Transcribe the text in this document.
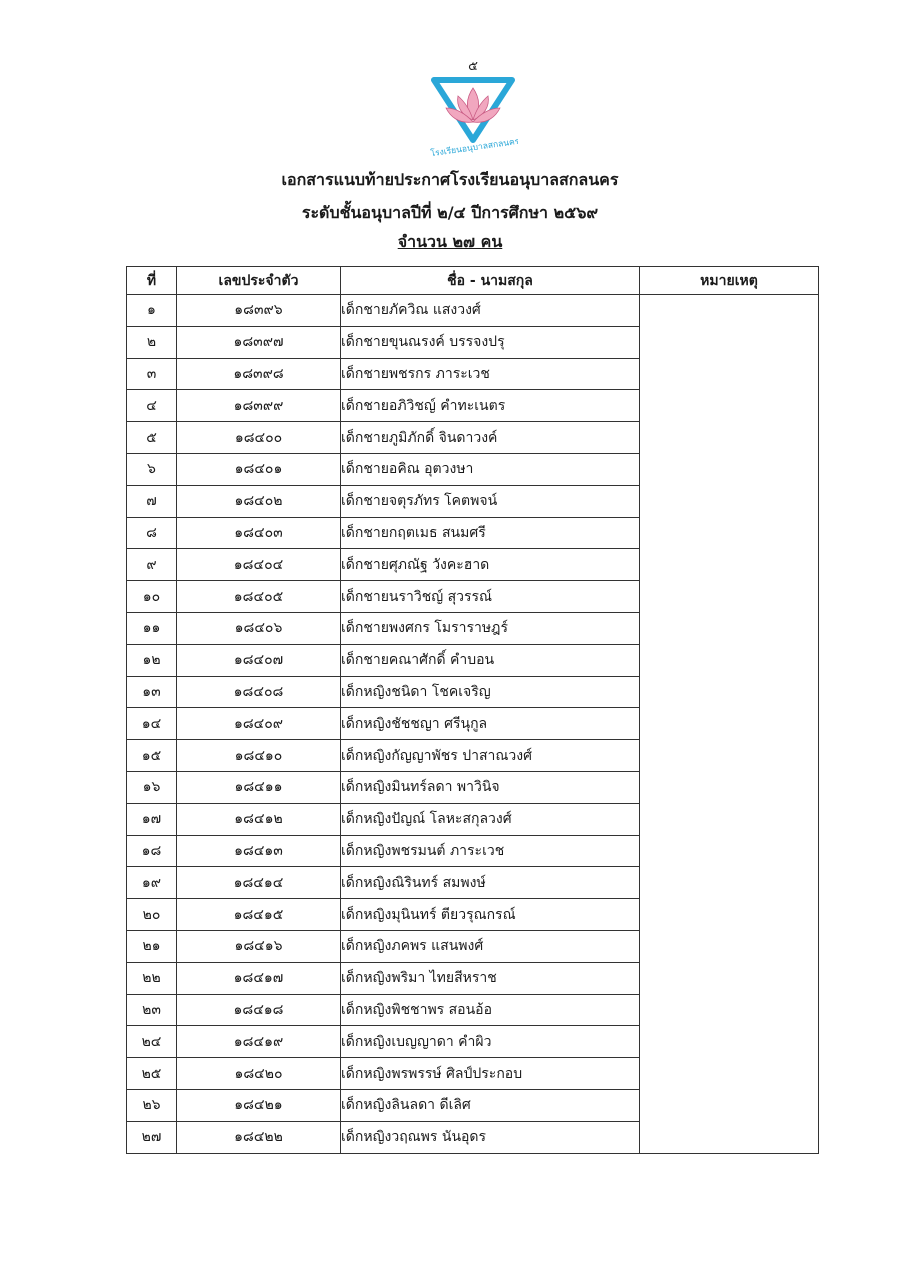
๕
โรงเรียนอนุบาลสกลนคร
เอกสารแนบท้ายประกาศโรงเรียนอนุบาลสกลนคร
ระดับชั้นอนุบาลปีที่ ๒/๔ ปีการศึกษา ๒๕๖๙
จำนวน ๒๗ คน
ที่	เลขประจำตัว	ชื่อ - นามสกุล	หมายเหตุ
๑	๑๘๓๙๖	เด็กชายภัควิณ แสงวงศ์	
๒	๑๘๓๙๗	เด็กชายขุนณรงค์ บรรจงปรุ	
๓	๑๘๓๙๘	เด็กชายพชรกร ภาระเวช	
๔	๑๘๓๙๙	เด็กชายอภิวิชญ์ คำทะเนตร	
๕	๑๘๔๐๐	เด็กชายภูมิภักดิ์ จินดาวงค์	
๖	๑๘๔๐๑	เด็กชายอคิณ อุตวงษา	
๗	๑๘๔๐๒	เด็กชายจตุรภัทร โคตพจน์	
๘	๑๘๔๐๓	เด็กชายกฤตเมธ สนมศรี	
๙	๑๘๔๐๔	เด็กชายศุภณัฐ วังคะฮาด	
๑๐	๑๘๔๐๕	เด็กชายนราวิชญ์ สุวรรณ์	
๑๑	๑๘๔๐๖	เด็กชายพงศกร โมราราษฎร์	
๑๒	๑๘๔๐๗	เด็กชายคณาศักดิ์ คำบอน	
๑๓	๑๘๔๐๘	เด็กหญิงชนิดา โชคเจริญ	
๑๔	๑๘๔๐๙	เด็กหญิงชัชชญา ศรีนุกูล	
๑๕	๑๘๔๑๐	เด็กหญิงกัญญาพัชร ปาสาณวงศ์	
๑๖	๑๘๔๑๑	เด็กหญิงมินทร์ลดา พาวินิจ	
๑๗	๑๘๔๑๒	เด็กหญิงปัญณ์ โลหะสกุลวงศ์	
๑๘	๑๘๔๑๓	เด็กหญิงพชรมนต์ ภาระเวช	
๑๙	๑๘๔๑๔	เด็กหญิงณิรินทร์ สมพงษ์	
๒๐	๑๘๔๑๕	เด็กหญิงมุนินทร์ ตียวรุณกรณ์	
๒๑	๑๘๔๑๖	เด็กหญิงภคพร แสนพงศ์	
๒๒	๑๘๔๑๗	เด็กหญิงพริมา ไทยสีหราช	
๒๓	๑๘๔๑๘	เด็กหญิงพิชชาพร สอนอ้อ	
๒๔	๑๘๔๑๙	เด็กหญิงเบญญาดา คำผิว	
๒๕	๑๘๔๒๐	เด็กหญิงพรพรรษ์ ศิลป์ประกอบ	
๒๖	๑๘๔๒๑	เด็กหญิงลินลดา ดีเลิศ	
๒๗	๑๘๔๒๒	เด็กหญิงวฤณพร นันอุดร	
